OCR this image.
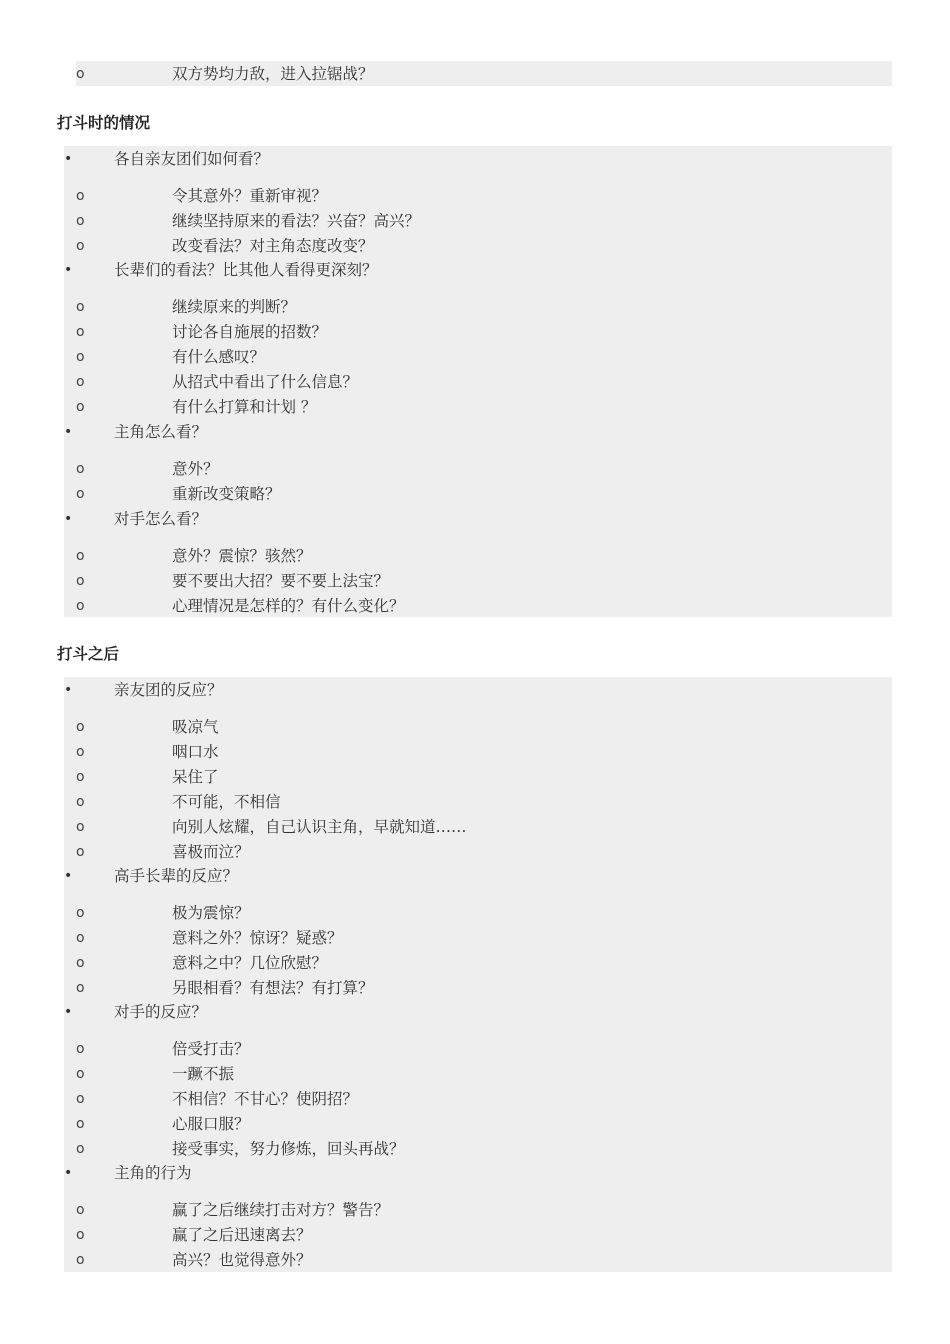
o	双方势均力敌，进入拉锯战？
打斗时的情况
•	各自亲友团们如何看？
o	令其意外？重新审视？
o	继续坚持原来的看法？兴奋？高兴？
o	改变看法？对主角态度改变？
•	长辈们的看法？比其他人看得更深刻？
o	继续原来的判断？
o	讨论各自施展的招数？
o	有什么感叹？
o	从招式中看出了什么信息？
o	有什么打算和计划 ？
•	主角怎么看？
o	意外？
o	重新改变策略？
•	对手怎么看？
o	意外？震惊？骇然？
o	要不要出大招？要不要上法宝？
o	心理情况是怎样的？有什么变化？
打斗之后
•	亲友团的反应？
o	吸凉气
o	咽口水
o	呆住了
o	不可能，不相信
o	向别人炫耀，自己认识主角，早就知道……
o	喜极而泣？
•	高手长辈的反应？
o	极为震惊？
o	意料之外？惊讶？疑惑？
o	意料之中？几位欣慰？
o	另眼相看？有想法？有打算？
•	对手的反应？
o	倍受打击？
o	一蹶不振
o	不相信？不甘心？使阴招？
o	心服口服？
o	接受事实，努力修炼，回头再战？
•	主角的行为
o	赢了之后继续打击对方？警告？
o	赢了之后迅速离去？
o	高兴？也觉得意外？
